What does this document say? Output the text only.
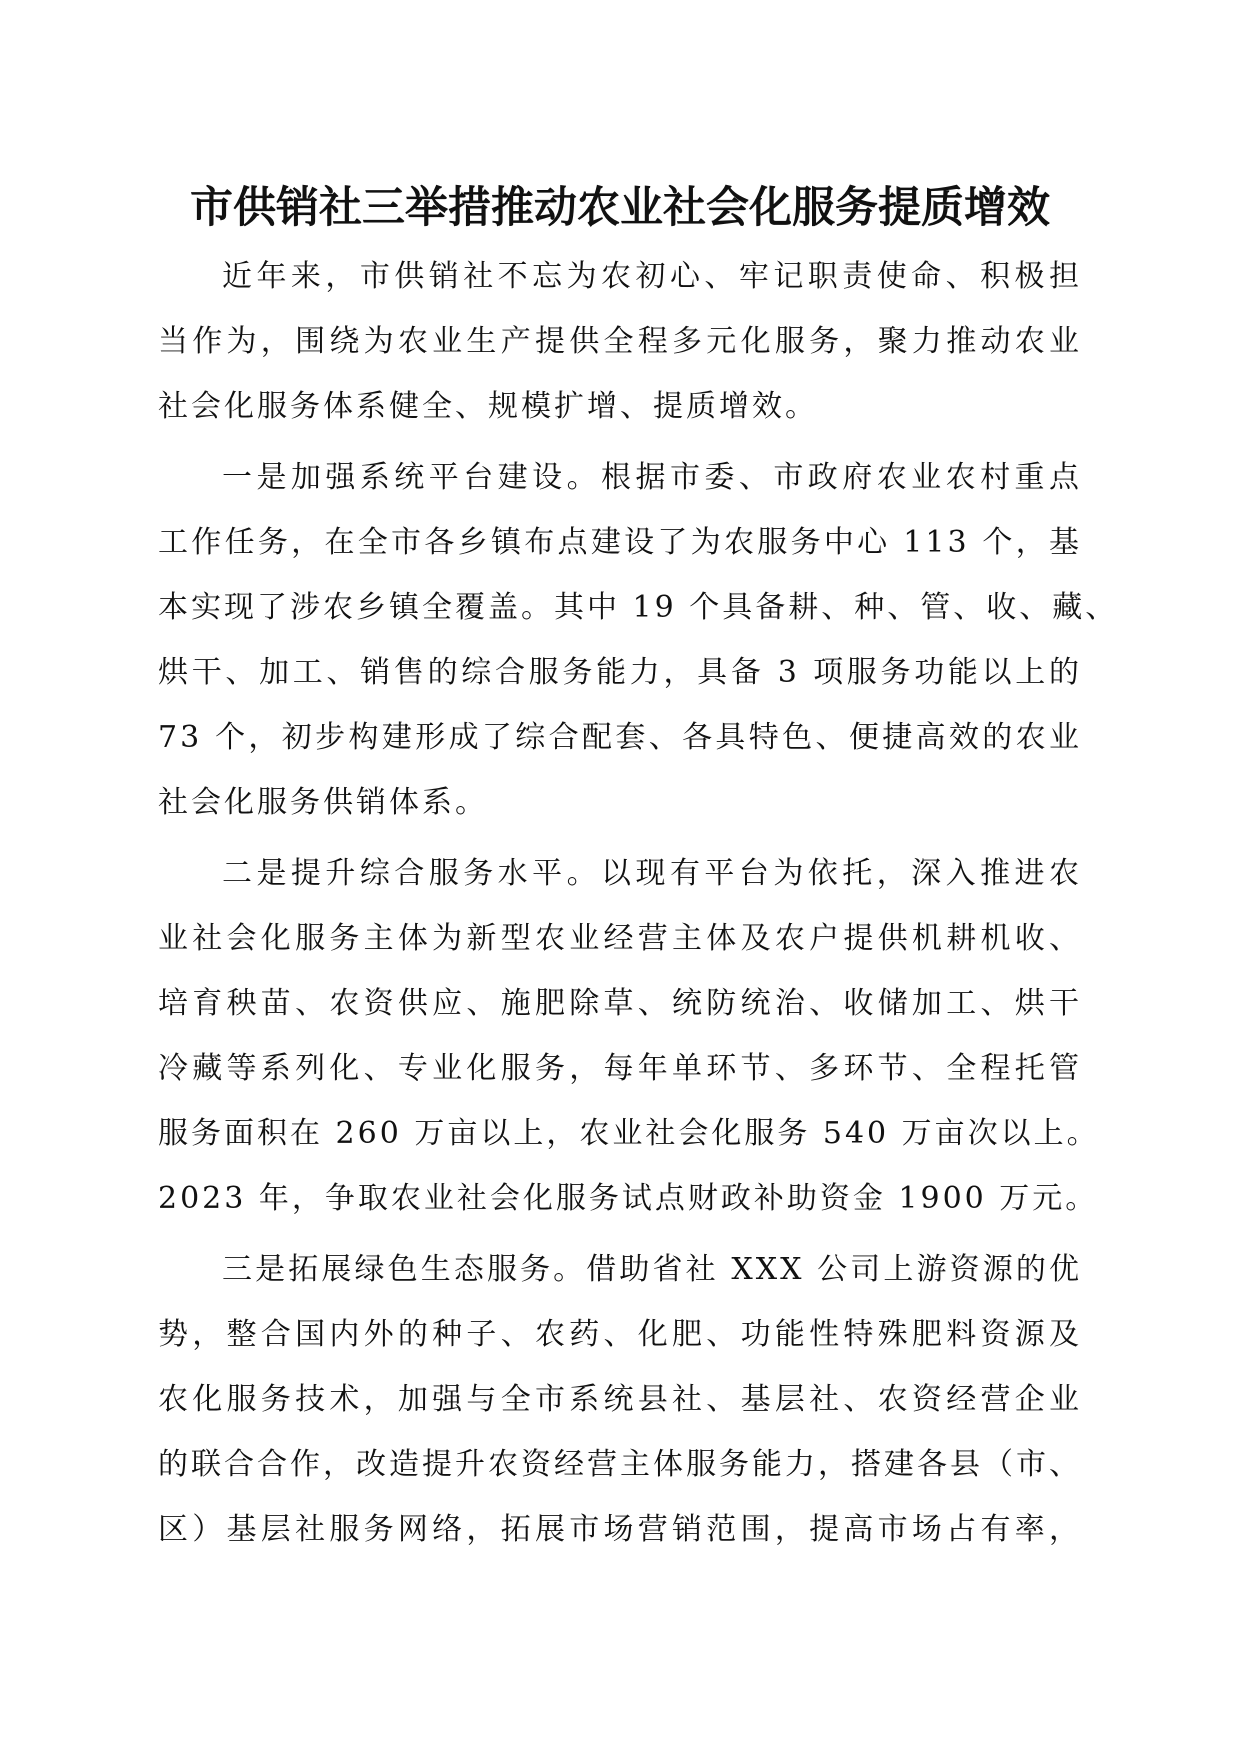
市供销社三举措推动农业社会化服务提质增效

近年来，市供销社不忘为农初心、牢记职责使命、积极担
当作为，围绕为农业生产提供全程多元化服务，聚力推动农业
社会化服务体系健全、规模扩增、提质增效。

一是加强系统平台建设。根据市委、市政府农业农村重点
工作任务，在全市各乡镇布点建设了为农服务中心 113 个，基
本实现了涉农乡镇全覆盖。其中 19 个具备耕、种、管、收、藏、
烘干、加工、销售的综合服务能力，具备 3 项服务功能以上的
73 个，初步构建形成了综合配套、各具特色、便捷高效的农业
社会化服务供销体系。

二是提升综合服务水平。以现有平台为依托，深入推进农
业社会化服务主体为新型农业经营主体及农户提供机耕机收、
培育秧苗、农资供应、施肥除草、统防统治、收储加工、烘干
冷藏等系列化、专业化服务，每年单环节、多环节、全程托管
服务面积在 260 万亩以上，农业社会化服务 540 万亩次以上。
2023 年，争取农业社会化服务试点财政补助资金 1900 万元。

三是拓展绿色生态服务。借助省社 XXX 公司上游资源的优
势，整合国内外的种子、农药、化肥、功能性特殊肥料资源及
农化服务技术，加强与全市系统县社、基层社、农资经营企业
的联合合作，改造提升农资经营主体服务能力，搭建各县（市、
区）基层社服务网络，拓展市场营销范围，提高市场占有率，
